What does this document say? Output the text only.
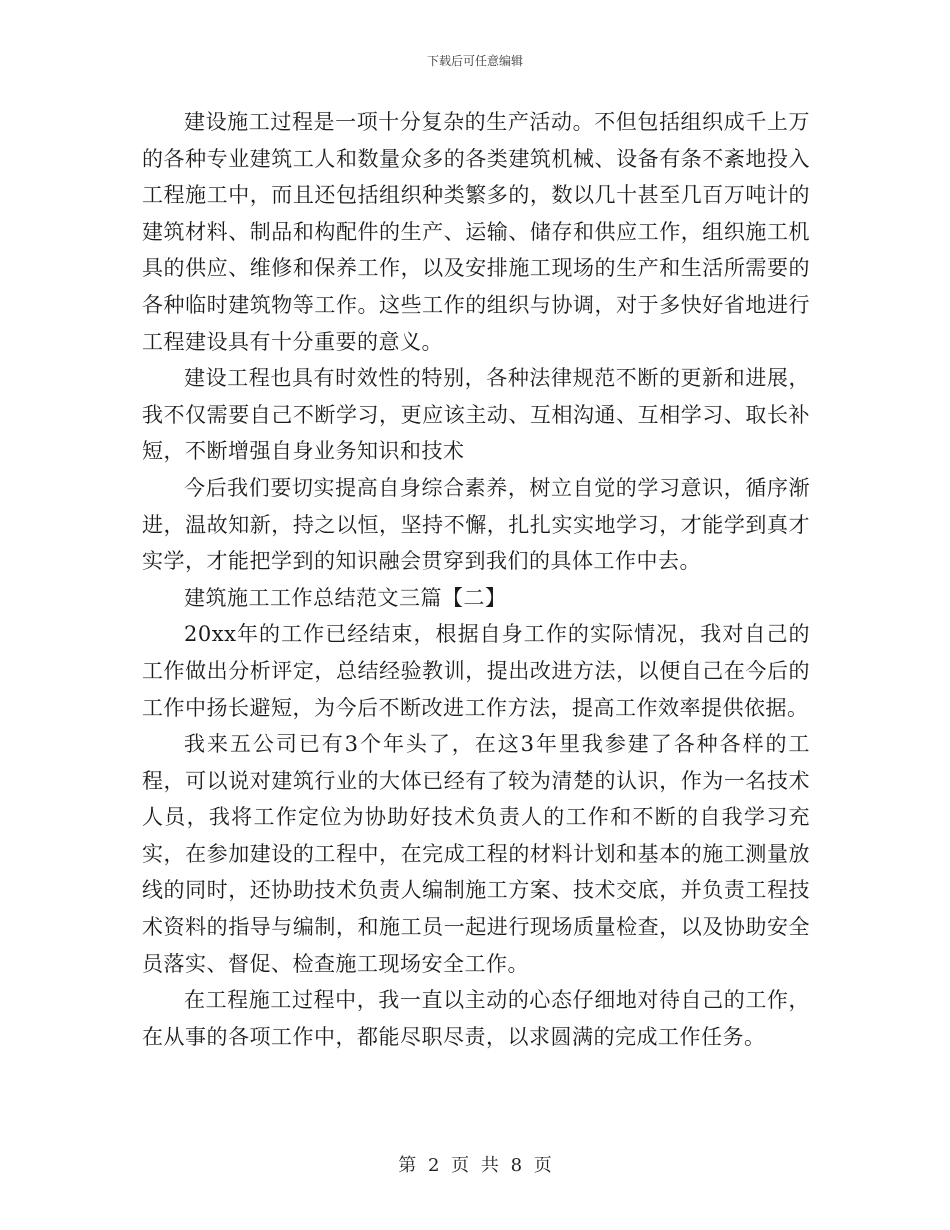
下载后可任意编辑

建设施工过程是一项十分复杂的生产活动。不但包括组织成千上万的各种专业建筑工人和数量众多的各类建筑机械、设备有条不紊地投入工程施工中，而且还包括组织种类繁多的，数以几十甚至几百万吨计的建筑材料、制品和构配件的生产、运输、储存和供应工作，组织施工机具的供应、维修和保养工作，以及安排施工现场的生产和生活所需要的各种临时建筑物等工作。这些工作的组织与协调，对于多快好省地进行工程建设具有十分重要的意义。

建设工程也具有时效性的特别，各种法律规范不断的更新和进展，我不仅需要自己不断学习，更应该主动、互相沟通、互相学习、取长补短，不断增强自身业务知识和技术

今后我们要切实提高自身综合素养，树立自觉的学习意识，循序渐进，温故知新，持之以恒，坚持不懈，扎扎实实地学习，才能学到真才实学，才能把学到的知识融会贯穿到我们的具体工作中去。

建筑施工工作总结范文三篇【二】

20xx年的工作已经结束，根据自身工作的实际情况，我对自己的工作做出分析评定，总结经验教训，提出改进方法，以便自己在今后的工作中扬长避短，为今后不断改进工作方法，提高工作效率提供依据。

我来五公司已有3个年头了，在这3年里我参建了各种各样的工程，可以说对建筑行业的大体已经有了较为清楚的认识，作为一名技术人员，我将工作定位为协助好技术负责人的工作和不断的自我学习充实，在参加建设的工程中，在完成工程的材料计划和基本的施工测量放线的同时，还协助技术负责人编制施工方案、技术交底，并负责工程技术资料的指导与编制，和施工员一起进行现场质量检查，以及协助安全员落实、督促、检查施工现场安全工作。

在工程施工过程中，我一直以主动的心态仔细地对待自己的工作，在从事的各项工作中，都能尽职尽责，以求圆满的完成工作任务。

第 2 页 共 8 页
